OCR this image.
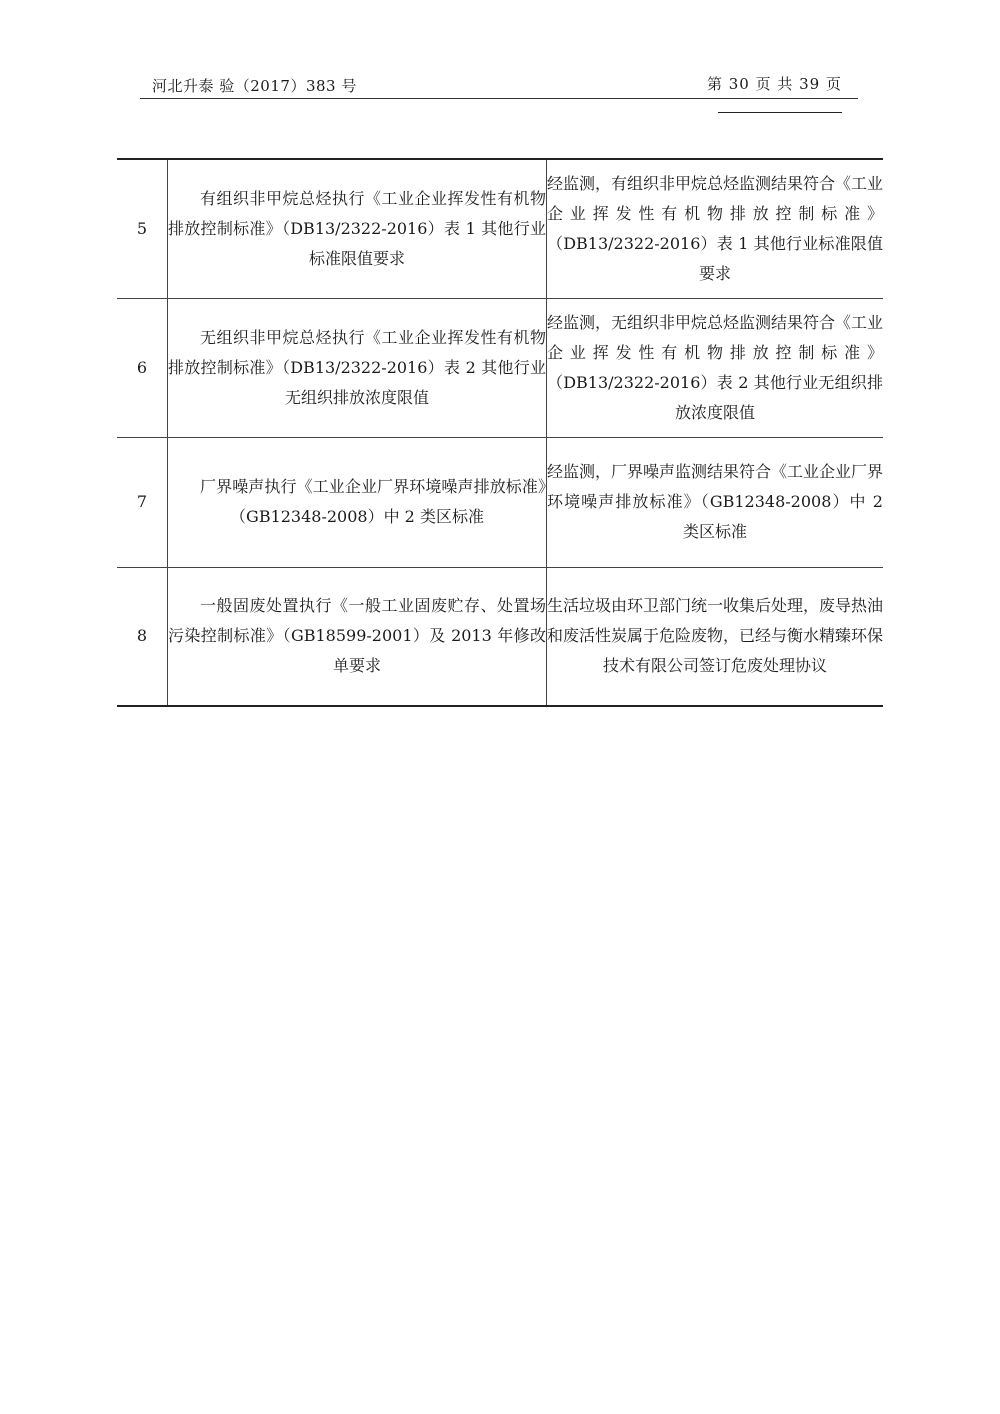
河北升泰 验（2017）383 号	第 30 页 共 39 页
5	有组织非甲烷总烃执行《工业企业挥发性有机物排放控制标准》（DB13/2322-2016）表 1 其他行业标准限值要求	经监测，有组织非甲烷总烃监测结果符合《工业企业挥发性有机物排放控制标准》（DB13/2322-2016）表 1 其他行业标准限值要求
6	无组织非甲烷总烃执行《工业企业挥发性有机物排放控制标准》（DB13/2322-2016）表 2 其他行业无组织排放浓度限值	经监测，无组织非甲烷总烃监测结果符合《工业企业挥发性有机物排放控制标准》（DB13/2322-2016）表 2 其他行业无组织排放浓度限值
7	厂界噪声执行《工业企业厂界环境噪声排放标准》（GB12348-2008）中 2 类区标准	经监测，厂界噪声监测结果符合《工业企业厂界环境噪声排放标准》（GB12348-2008）中 2 类区标准
8	一般固废处置执行《一般工业固废贮存、处置场污染控制标准》（GB18599-2001）及 2013 年修改单要求	生活垃圾由环卫部门统一收集后处理，废导热油和废活性炭属于危险废物，已经与衡水精臻环保技术有限公司签订危废处理协议
